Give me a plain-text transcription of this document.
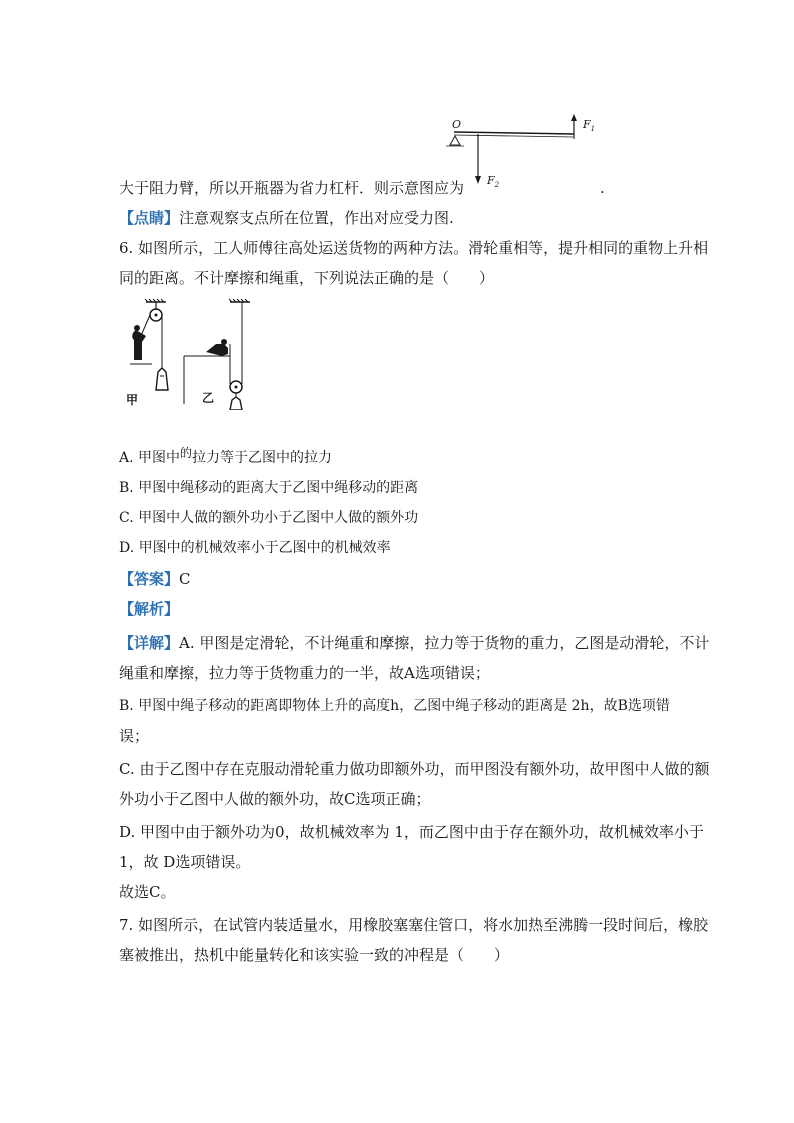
O	$F_1$
$F_2$
大于阻力臂，所以开瓶器为省力杠杆．则示意图应为	.
【点睛】注意观察支点所在位置，作出对应受力图.
6. 如图所示，工人师傅往高处运送货物的两种方法。滑轮重相等，提升相同的重物上升相
同的距离。不计摩擦和绳重，下列说法正确的是（　　）
甲	乙
A. 甲图中的拉力等于乙图中的拉力
B. 甲图中绳移动的距离大于乙图中绳移动的距离
C. 甲图中人做的额外功小于乙图中人做的额外功
D. 甲图中的机械效率小于乙图中的机械效率
【答案】C
【解析】
【详解】A. 甲图是定滑轮，不计绳重和摩擦，拉力等于货物的重力，乙图是动滑轮，不计
绳重和摩擦，拉力等于货物重力的一半，故A选项错误；
B. 甲图中绳子移动的距离即物体上升的高度h，乙图中绳子移动的距离是 2h，故B选项错
误；
C. 由于乙图中存在克服动滑轮重力做功即额外功，而甲图没有额外功，故甲图中人做的额
外功小于乙图中人做的额外功，故C选项正确；
D. 甲图中由于额外功为0，故机械效率为 1，而乙图中由于存在额外功，故机械效率小于
1，故 D选项错误。
故选C。
7. 如图所示，在试管内装适量水，用橡胶塞塞住管口，将水加热至沸腾一段时间后，橡胶
塞被推出，热机中能量转化和该实验一致的冲程是（　　）
